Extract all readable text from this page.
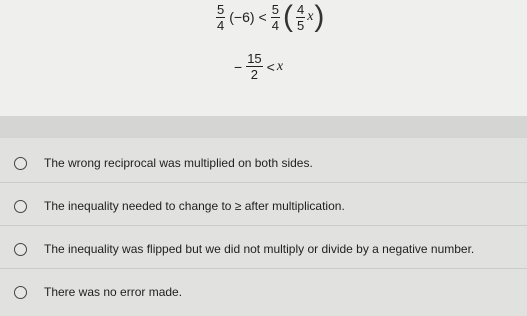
$\frac{5}{4} (-6) < \frac{5}{4}$ ( $\frac{4}{5}$ x )
− $\frac{15}{2} < x$
The wrong reciprocal was multiplied on both sides.
The inequality needed to change to ≥ after multiplication.
The inequality was flipped but we did not multiply or divide by a negative number.
There was no error made.
